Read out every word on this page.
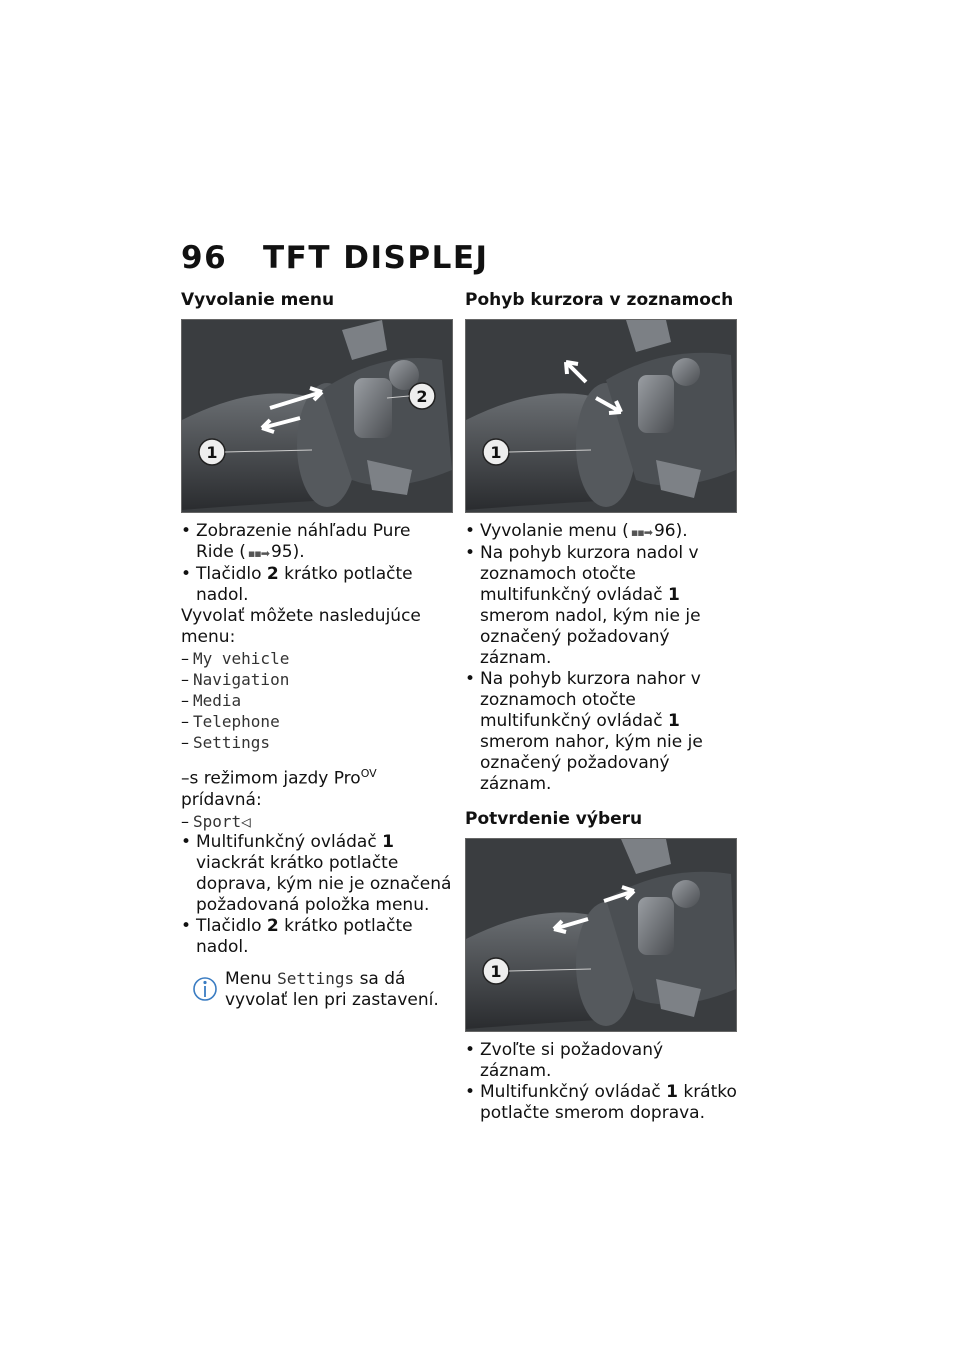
96 TFT DISPLEJ
Vyvolanie menu
1
2
• Zobrazenie náhľadu Pure Ride ( ▪▪➡ 95).
• Tlačidlo 2 krátko potlačte nadol.

Vyvolať môžete nasledujúce menu:

– My vehicle
– Navigation
– Media
– Telephone
– Settings

–s režimom jazdy Pro$^{OV}$

prídavná:

– Sport◁
• Multifunkčný ovládač 1 viackrát krátko potlačte doprava, kým nie je označená požadovaná položka menu.
• Tlačidlo 2 krátko potlačte nadol.

Menu Settings sa dá vyvolať len pri zastavení.

Pohyb kurzora v zoznamoch
1
• Vyvolanie menu ( ▪▪➡ 96).
• Na pohyb kurzora nadol v zoznamoch otočte multifunkčný ovládač 1 smerom nadol, kým nie je označený požadovaný záznam.
• Na pohyb kurzora nahor v zoznamoch otočte multifunkčný ovládač 1 smerom nahor, kým nie je označený požadovaný záznam.
Potvrdenie výberu
1
• Zvoľte si požadovaný záznam.
• Multifunkčný ovládač 1 krátko potlačte smerom doprava.
